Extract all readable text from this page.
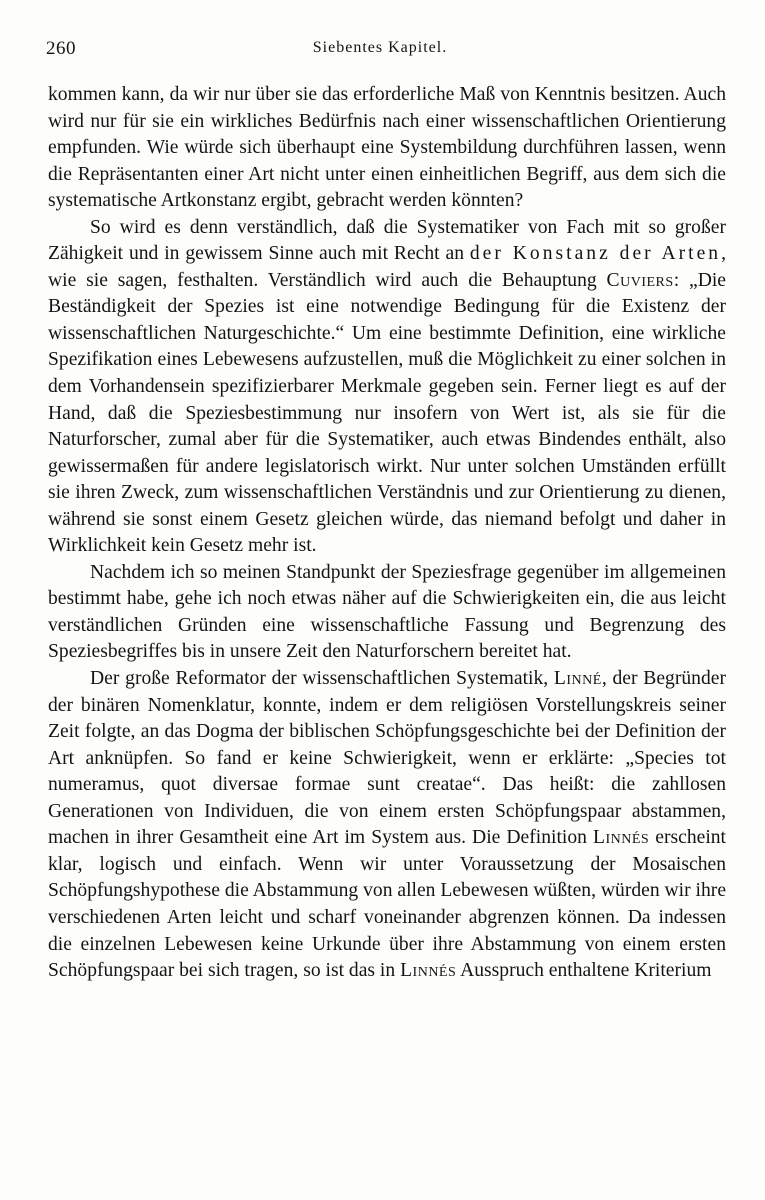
260	Siebentes Kapitel.

kommen kann, da wir nur über sie das erforderliche Maß von Kenntnis besitzen. Auch wird nur für sie ein wirkliches Bedürfnis nach einer wissenschaftlichen Orientierung empfunden. Wie würde sich überhaupt eine Systembildung durchführen lassen, wenn die Repräsentanten einer Art nicht unter einen einheitlichen Begriff, aus dem sich die systematische Artkonstanz ergibt, gebracht werden könnten?

So wird es denn verständlich, daß die Systematiker von Fach mit so großer Zähigkeit und in gewissem Sinne auch mit Recht an der Konstanz der Arten, wie sie sagen, festhalten. Verständlich wird auch die Behauptung Cuviers: „Die Beständigkeit der Spezies ist eine notwendige Bedingung für die Existenz der wissenschaftlichen Naturgeschichte.“ Um eine bestimmte Definition, eine wirkliche Spezifikation eines Lebewesens aufzustellen, muß die Möglichkeit zu einer solchen in dem Vorhandensein spezifizierbarer Merkmale gegeben sein. Ferner liegt es auf der Hand, daß die Speziesbestimmung nur insofern von Wert ist, als sie für die Naturforscher, zumal aber für die Systematiker, auch etwas Bindendes enthält, also gewissermaßen für andere legislatorisch wirkt. Nur unter solchen Umständen erfüllt sie ihren Zweck, zum wissenschaftlichen Verständnis und zur Orientierung zu dienen, während sie sonst einem Gesetz gleichen würde, das niemand befolgt und daher in Wirklichkeit kein Gesetz mehr ist.

Nachdem ich so meinen Standpunkt der Speziesfrage gegenüber im allgemeinen bestimmt habe, gehe ich noch etwas näher auf die Schwierigkeiten ein, die aus leicht verständlichen Gründen eine wissenschaftliche Fassung und Begrenzung des Speziesbegriffes bis in unsere Zeit den Naturforschern bereitet hat.

Der große Reformator der wissenschaftlichen Systematik, Linné, der Begründer der binären Nomenklatur, konnte, indem er dem religiösen Vorstellungskreis seiner Zeit folgte, an das Dogma der biblischen Schöpfungsgeschichte bei der Definition der Art anknüpfen. So fand er keine Schwierigkeit, wenn er erklärte: „Species tot numeramus, quot diversae formae sunt creatae“. Das heißt: die zahllosen Generationen von Individuen, die von einem ersten Schöpfungspaar abstammen, machen in ihrer Gesamtheit eine Art im System aus. Die Definition Linnés erscheint klar, logisch und einfach. Wenn wir unter Voraussetzung der Mosaischen Schöpfungshypothese die Abstammung von allen Lebewesen wüßten, würden wir ihre verschiedenen Arten leicht und scharf voneinander abgrenzen können. Da indessen die einzelnen Lebewesen keine Urkunde über ihre Abstammung von einem ersten Schöpfungspaar bei sich tragen, so ist das in Linnés Ausspruch enthaltene Kriterium
